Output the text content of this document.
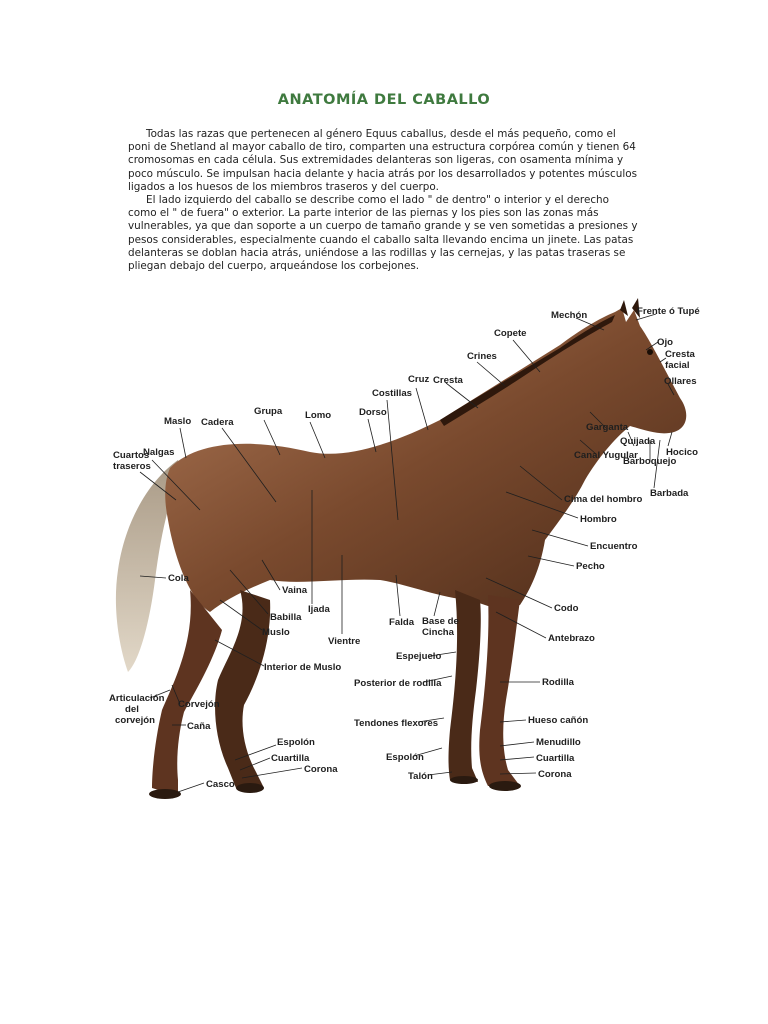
ANATOMÍA DEL CABALLO

Todas las razas que pertenecen al género Equus caballus, desde el más pequeño, como el poni de Shetland al mayor caballo de tiro, comparten una estructura corpórea común y tienen 64 cromosomas en cada célula. Sus extremidades delanteras son ligeras, con osamenta mínima y poco músculo. Se impulsan hacia delante y hacia atrás por los desarrollados y potentes músculos ligados a los huesos de los miembros traseros y del cuerpo.

El lado izquierdo del caballo se describe como el lado " de dentro" o interior y el derecho como el " de fuera" o exterior. La parte interior de las piernas y los pies son las zonas más vulnerables, ya que dan soporte a un cuerpo de tamaño grande y se ven sometidas a presiones y pesos considerables, especialmente cuando el caballo salta llevando encima un jinete. Las patas delanteras se doblan hacia atrás, uniéndose a las rodillas y las cernejas, y las patas traseras se pliegan debajo del cuerpo, arqueándose los corbejones.

Mechón	Frente ó Tupé
Ojo
Cresta
facial
Ollares
Copete
Crines
Cruz Cresta
Costillas
Dorso
Lomo
Grupa
Cadera
Maslo
Nalgas
Cuartos
traseros
Garganta
Quijada
Hocico
Canal Yugular
Barboquejo
Barbada
Cima del hombro
Hombro
Encuentro
Pecho
Codo
Antebrazo
Cola
Vaina
Babilla
Ijada
Falda Base de
Cincha
Muslo
Vientre
Espejuelo
Interior de Muslo
Posterior de rodilla	Rodilla
Articulación
del
corvejón
Corvejón
Caña	Tendones flexores	Hueso cañón
Menudillo
Espolón
Cuartilla
Corona
Casco
Espolón
Talón
Cuartilla
Corona
